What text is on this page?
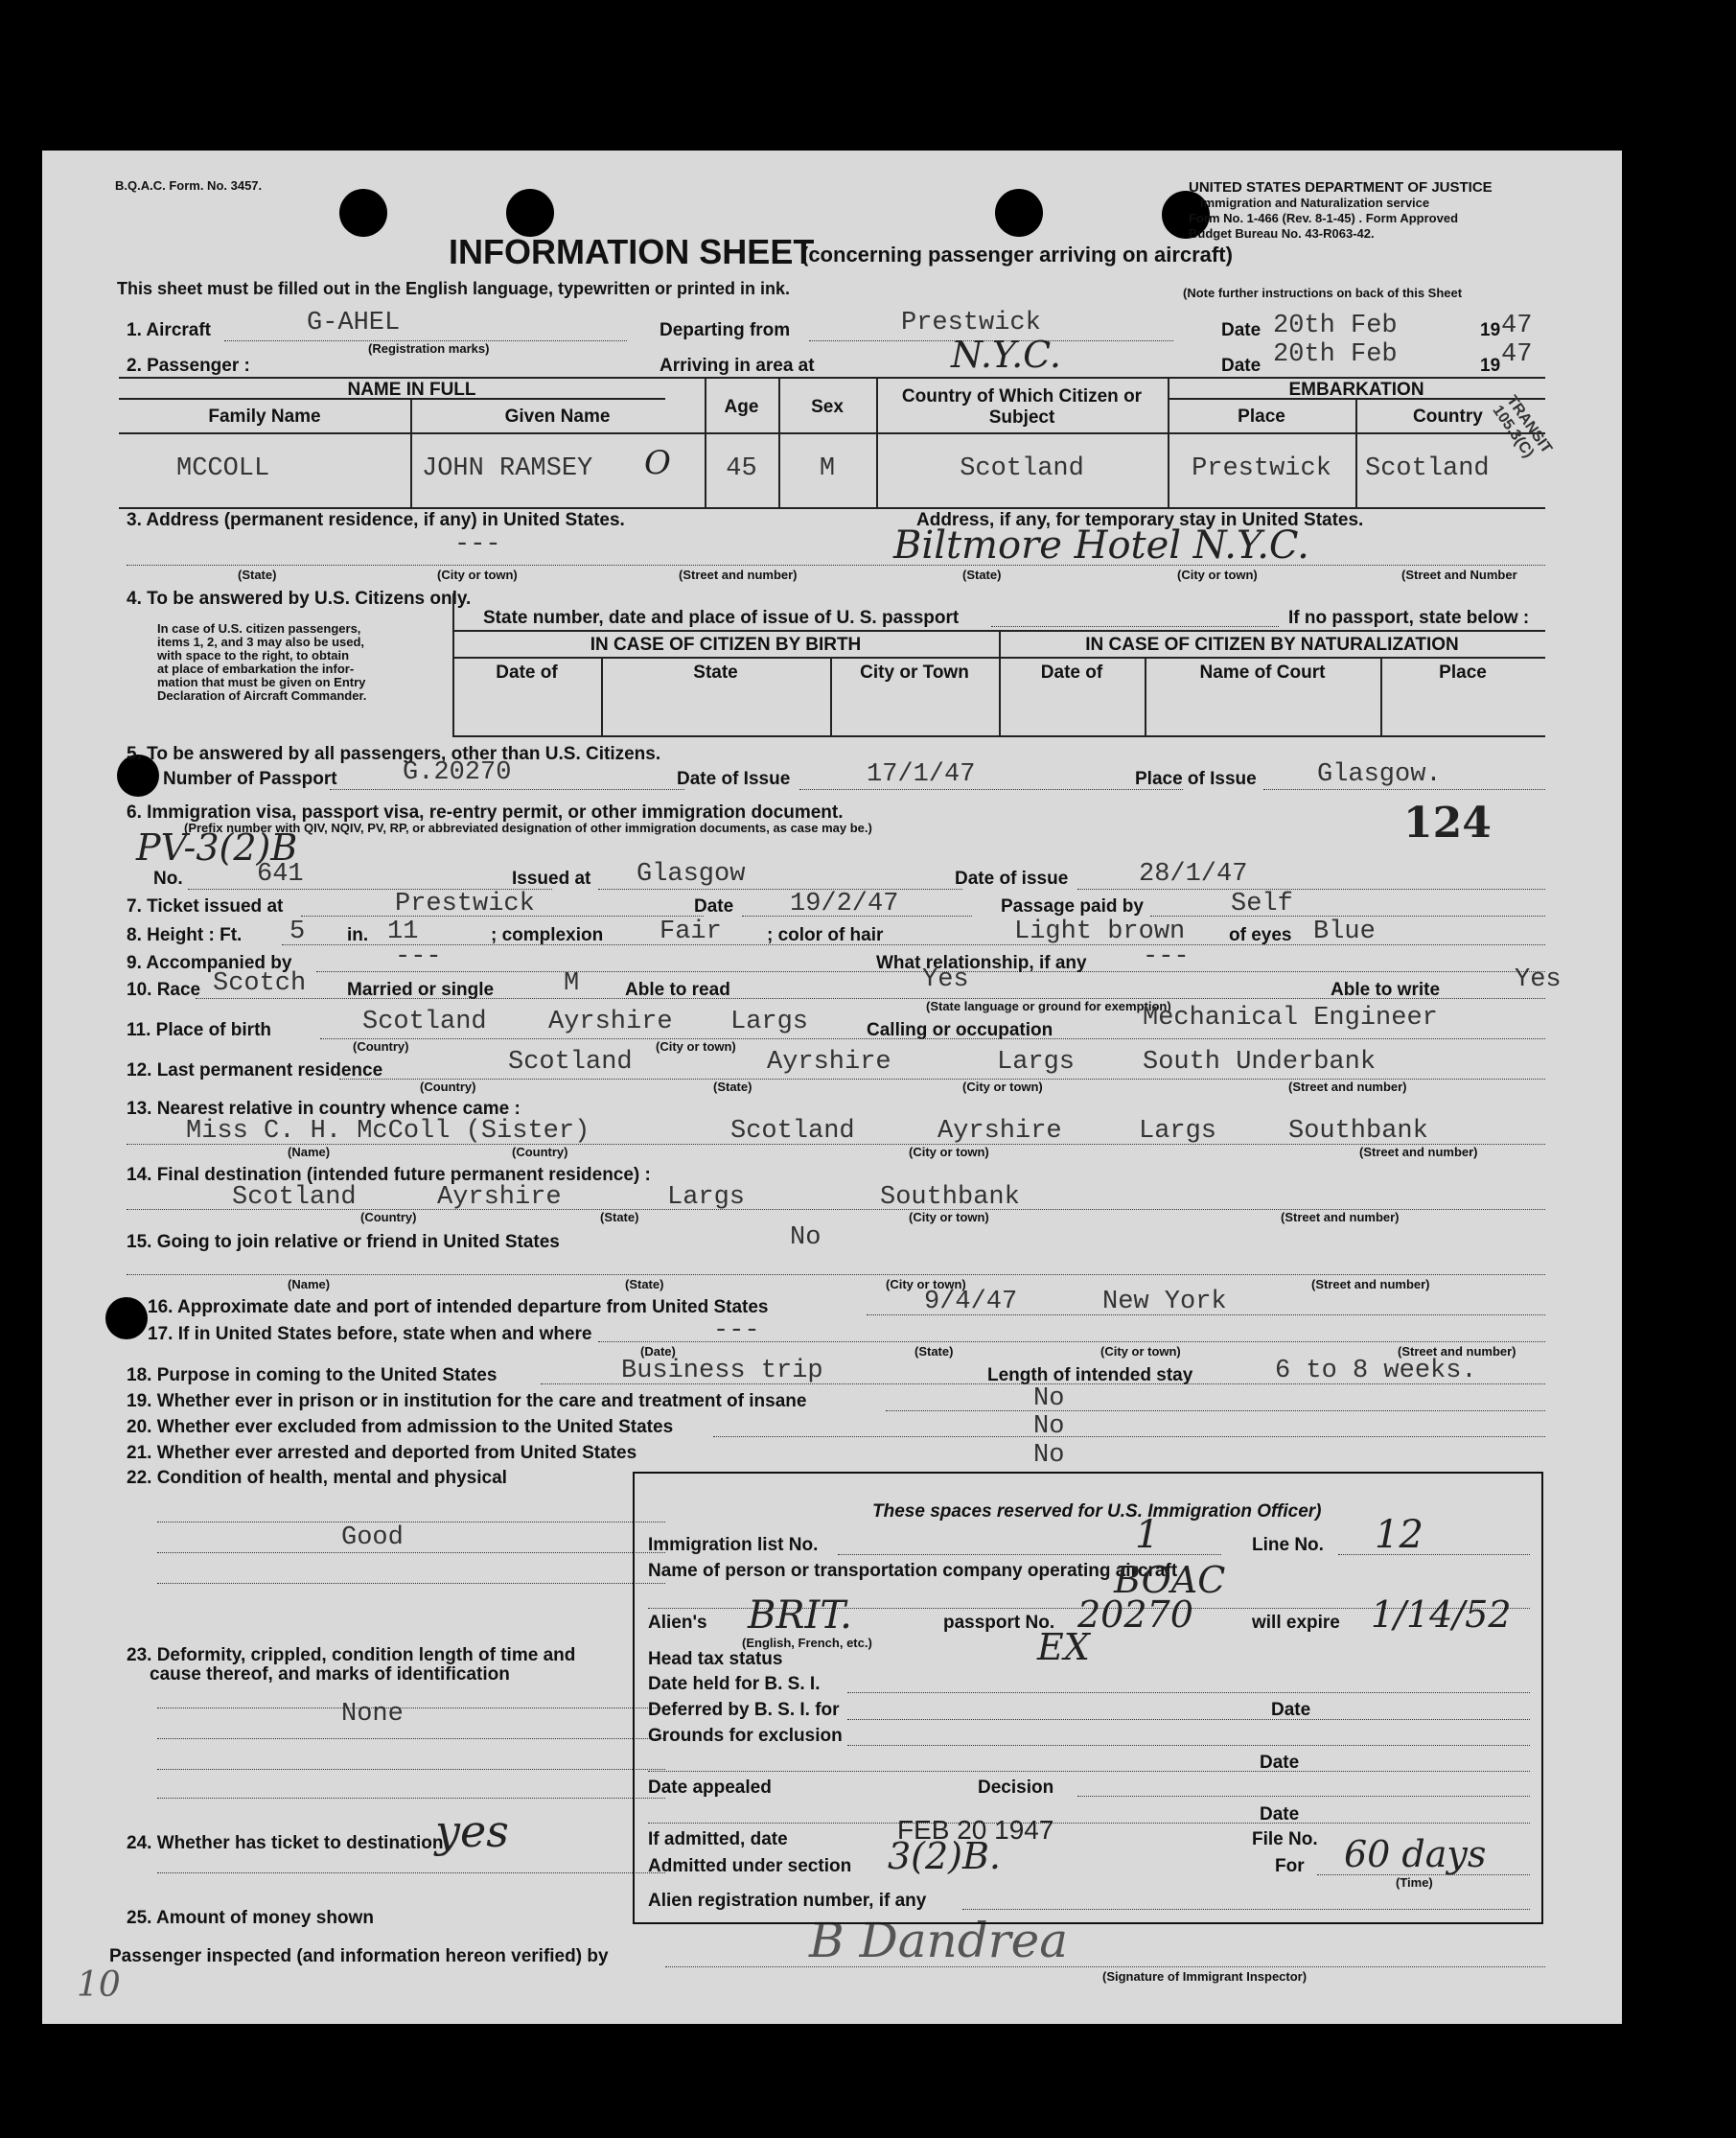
B.Q.A.C. Form. No. 3457.	UNITED STATES DEPARTMENT OF JUSTICE
Immigration and Naturalization service
Form No. 1-466 (Rev. 8-1-45) . Form Approved
Budget Bureau No. 43-R063-42.
INFORMATION SHEET
(concerning passenger arriving on aircraft)
This sheet must be filled out in the English language, typewritten or printed in ink.	(Note further instructions on back of this Sheet
1. Aircraft	G-AHEL
(Registration marks)
Departing from	Prestwick	Date 20th Feb	19 47
2. Passenger :	Arriving in area at	N.Y.C.	Date 20th Feb	19 47
NAME IN FULL
Family Name	Given Name	Age	Sex
Country of Which Citizen or Subject
EMBARKATION
Place	Country
MCCOLL	JOHN RAMSEY O	45	M	Scotland	Prestwick	Scotland
TRANSIT 105.3(C)
3. Address (permanent residence, if any) in United States.	Address, if any, for temporary stay in United States.
---	Biltmore Hotel N.Y.C.
(State)	(City or town)	(Street and number)	(State)	(City or town)	(Street and Number
4. To be answered by U.S. Citizens only.
In case of U.S. citizen passengers,
items 1, 2, and 3 may also be used,
with space to the right, to obtain
at place of embarkation the infor-
mation that must be given on Entry
Declaration of Aircraft Commander.
State number, date and place of issue of U. S. passport	If no passport, state below :
IN CASE OF CITIZEN BY BIRTH	IN CASE OF CITIZEN BY NATURALIZATION
Date of	State	City or Town	Date of	Name of Court	Place
5. To be answered by all passengers, other than U.S. Citizens.
Number of Passport	G.20270	Date of Issue	17/1/47	Place of Issue Glasgow.
6. Immigration visa, passport visa, re-entry permit, or other immigration document.
(Prefix number with QIV, NQIV, PV, RP, or abbreviated designation of other immigration documents, as case may be.)
PV-3(2)B	124
No.	641	Issued at Glasgow	Date of issue	28/1/47
7. Ticket issued at	Prestwick	Date 19/2/47	Passage paid by	Self
8. Height : Ft. 5 in. 11	; complexion Fair ; color of hair	Light brown of eyes Blue
9. Accompanied by	---	What relationship, if any ---
10. Race Scotch Married or single	M	Able to read	Yes	Able to write	Yes
(State language or ground for exemption)
11. Place of birth	Scotland Ayrshire Largs	Calling or occupation	Mechanical Engineer
(Country)	(City or town)
12. Last permanent residence	Scotland	Ayrshire	Largs	South Underbank
(Country)	(State)	(City or town)	(Street and number)
13. Nearest relative in country whence came :
Miss C. H. McColl (Sister)	Scotland	Ayrshire	Largs	Southbank
(Name)	(Country)	(City or town)	(Street and number)
14. Final destination (intended future permanent residence) :
Scotland	Ayrshire	Largs	Southbank
(Country)	(State)	(City or town)	(Street and number)
15. Going to join relative or friend in United States	No
(Name)	(State)	(City or town)	(Street and number)
16. Approximate date and port of intended departure from United States	9/4/47	New York
17. If in United States before, state when and where	---
(Date)	(State)	(City or town)	(Street and number)
18. Purpose in coming to the United States	Business trip	Length of intended stay	6 to 8 weeks.
19. Whether ever in prison or in institution for the care and treatment of insane	No
20. Whether ever excluded from admission to the United States	No
21. Whether ever arrested and deported from United States	No
22. Condition of health, mental and physical
Good
23. Deformity, crippled, condition length of time and
cause thereof, and marks of identification
None
24. Whether has ticket to destination
yes
25. Amount of money shown
Passenger inspected (and information hereon verified) by	B Dandrea
(Signature of Immigrant Inspector)
10
These spaces reserved for U.S. Immigration Officer)
Immigration list No.	1	Line No. 12
Name of person or transportation company operating aircraft
BOAC
Alien's BRIT.
(English, French, etc.)
passport No. 20270	will expire 1/14/52
Head tax status	EX
Date held for B. S. I.
Deferred by B. S. I. for	Date
Grounds for exclusion
Date
Date appealed	Decision
Date
If admitted, date	FEB 20 1947	File No.
Admitted under section 3(2)B.	For 60 days
(Time)
Alien registration number, if any
